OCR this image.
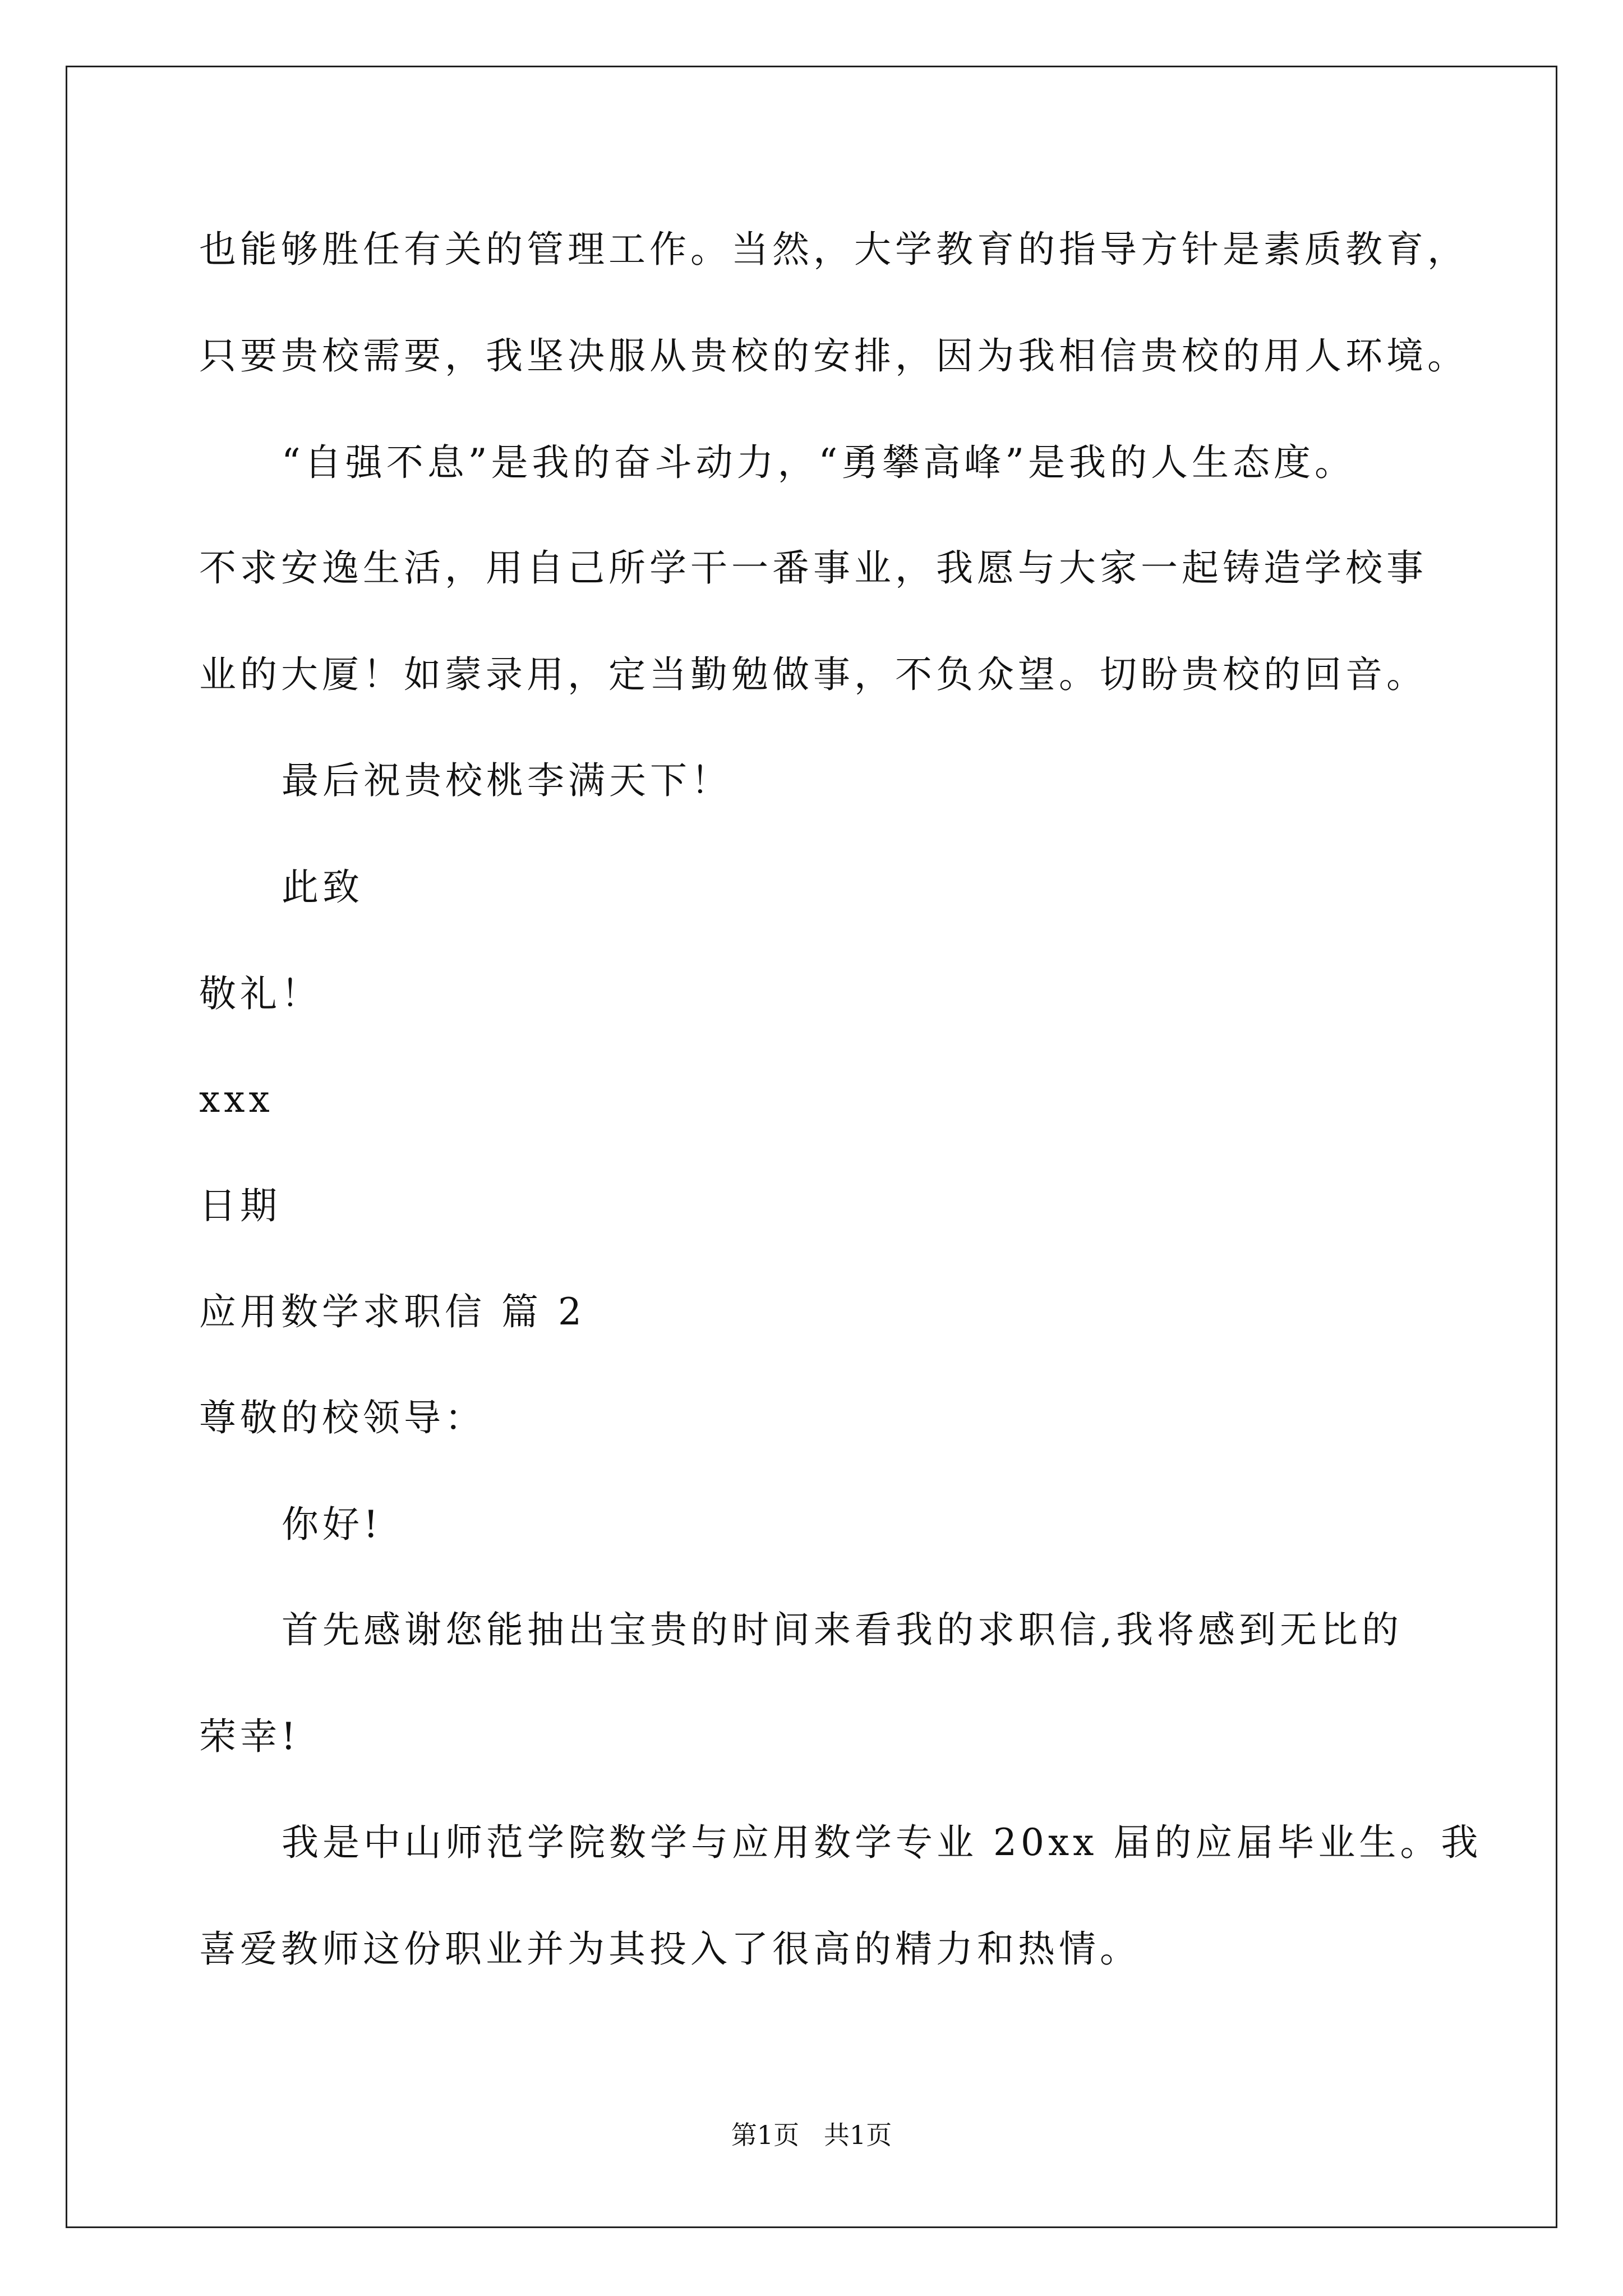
也能够胜任有关的管理工作。当然，大学教育的指导方针是素质教育，
只要贵校需要，我坚决服从贵校的安排，因为我相信贵校的用人环境。
“自强不息”是我的奋斗动力，“勇攀高峰”是我的人生态度。
不求安逸生活，用自己所学干一番事业，我愿与大家一起铸造学校事
业的大厦！如蒙录用，定当勤勉做事，不负众望。切盼贵校的回音。
最后祝贵校桃李满天下！
此致
敬礼！
xxx
日期
应用数学求职信 篇 2
尊敬的校领导：
你好!
首先感谢您能抽出宝贵的时间来看我的求职信,我将感到无比的
荣幸!
我是中山师范学院数学与应用数学专业 20xx 届的应届毕业生。我
喜爱教师这份职业并为其投入了很高的精力和热情。
第1页   共1页
